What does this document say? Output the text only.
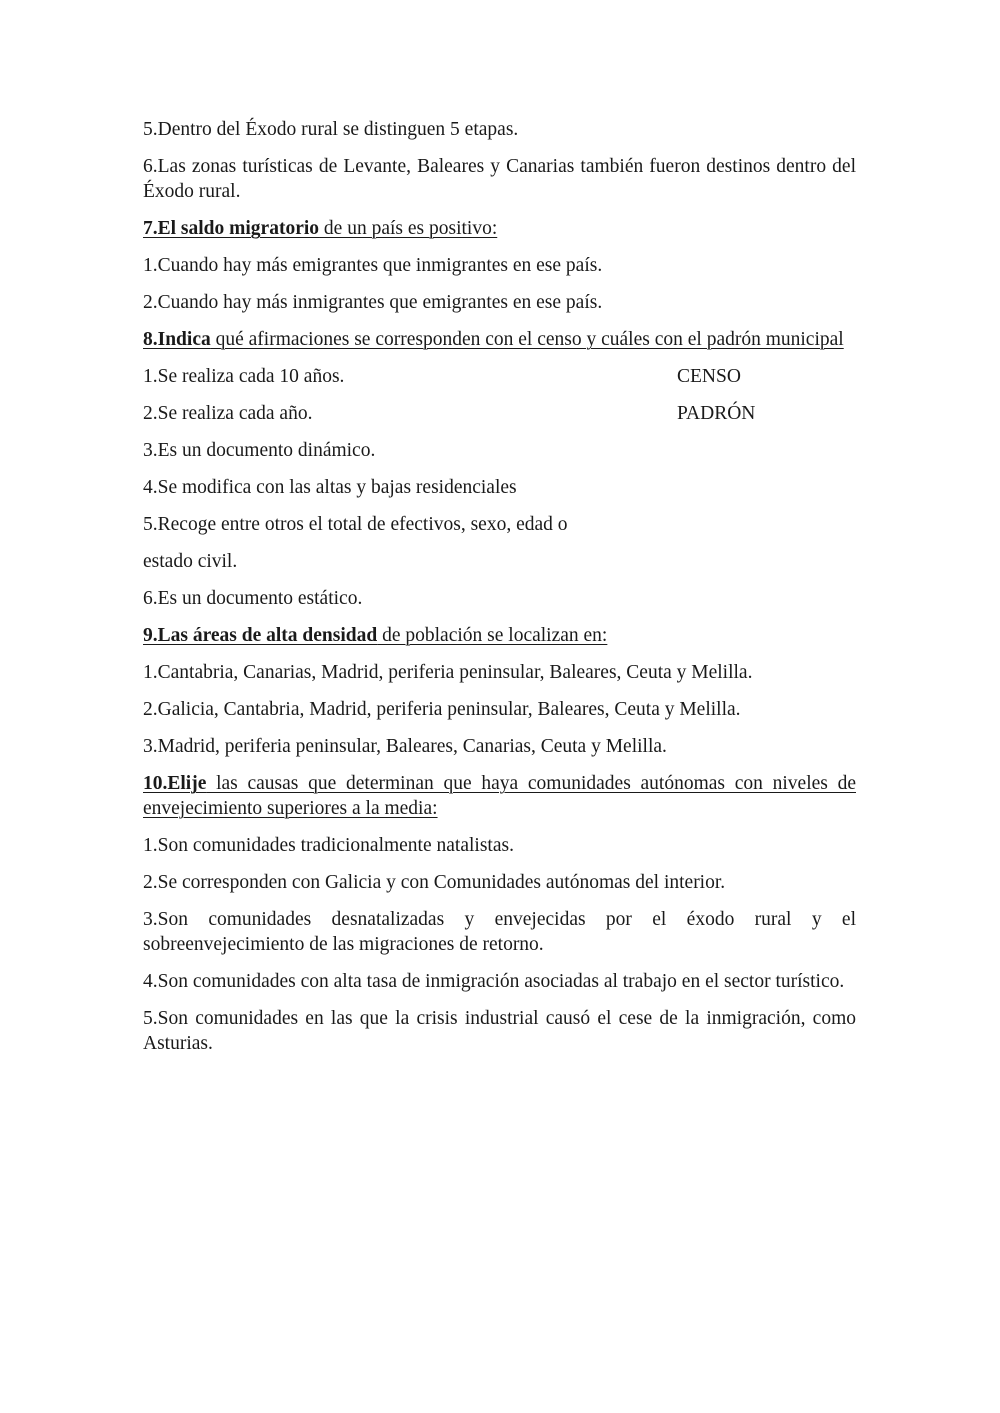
5.Dentro del Éxodo rural se distinguen 5 etapas.

6.Las zonas turísticas de Levante, Baleares y Canarias también fueron destinos dentro del Éxodo rural.

7.El saldo migratorio de un país es positivo:

1.Cuando hay más emigrantes que inmigrantes en ese país.

2.Cuando hay más inmigrantes que emigrantes en ese país.

8.Indica qué afirmaciones se corresponden con el censo y cuáles con el padrón municipal

1.Se realiza cada 10 años.	CENSO
2.Se realiza cada año.	PADRÓN

3.Es un documento dinámico.

4.Se modifica con las altas y bajas residenciales

5.Recoge entre otros el total de efectivos, sexo, edad o

estado civil.

6.Es un documento estático.

9.Las áreas de alta densidad de población se localizan en:

1.Cantabria, Canarias, Madrid, periferia peninsular, Baleares, Ceuta y Melilla.

2.Galicia, Cantabria, Madrid, periferia peninsular, Baleares, Ceuta y Melilla.

3.Madrid, periferia peninsular, Baleares, Canarias, Ceuta y Melilla.

10.Elije las causas que determinan que haya comunidades autónomas con niveles de envejecimiento superiores a la media:

1.Son comunidades tradicionalmente natalistas.

2.Se corresponden con Galicia y con Comunidades autónomas del interior.

3.Son comunidades desnatalizadas y envejecidas por el éxodo rural y el sobreenvejecimiento de las migraciones de retorno.

4.Son comunidades con alta tasa de inmigración asociadas al trabajo en el sector turístico.

5.Son comunidades en las que la crisis industrial causó el cese de la inmigración, como Asturias.
